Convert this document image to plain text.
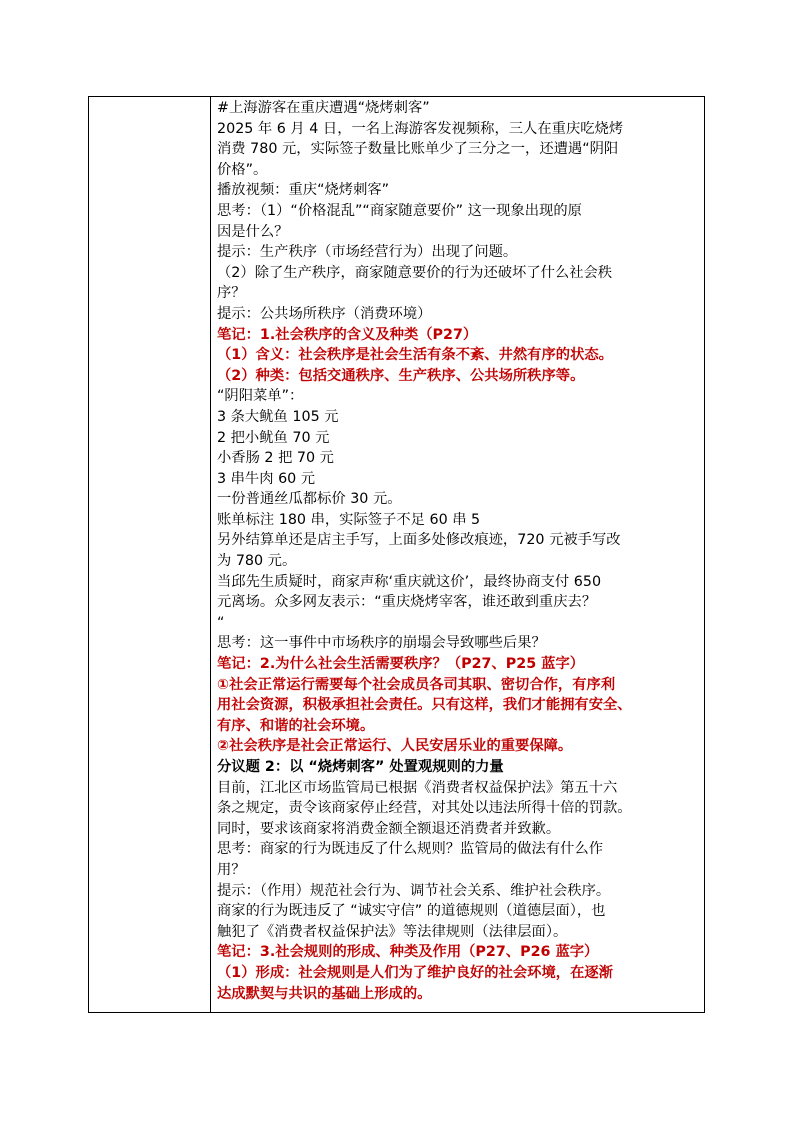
#上海游客在重庆遭遇“烧烤刺客”
2025 年 6 月 4 日，一名上海游客发视频称，三人在重庆吃烧烤
消费 780 元，实际签子数量比账单少了三分之一，还遭遇“阴阳
价格”。
播放视频：重庆“烧烤刺客”
思考：（1）“价格混乱”“商家随意要价” 这一现象出现的原
因是什么？
提示：生产秩序（市场经营行为）出现了问题。
（2）除了生产秩序，商家随意要价的行为还破坏了什么社会秩
序？
提示：公共场所秩序（消费环境）
笔记：1.社会秩序的含义及种类（P27）
（1）含义：社会秩序是社会生活有条不紊、井然有序的状态。
（2）种类：包括交通秩序、生产秩序、公共场所秩序等。
“阴阳菜单”：
3 条大鱿鱼 105 元
2 把小鱿鱼 70 元
小香肠 2 把 70 元
3 串牛肉 60 元
一份普通丝瓜都标价 30 元。
账单标注 180 串，实际签子不足 60 串 5
另外结算单还是店主手写，上面多处修改痕迹，720 元被手写改
为 780 元。
当邱先生质疑时，商家声称‘重庆就这价’，最终协商支付 650
元离场。众多网友表示：“重庆烧烤宰客，谁还敢到重庆去？
“
思考：这一事件中市场秩序的崩塌会导致哪些后果？
笔记：2.为什么社会生活需要秩序？（P27、P25 蓝字）
①社会正常运行需要每个社会成员各司其职、密切合作，有序利
用社会资源，积极承担社会责任。只有这样，我们才能拥有安全、
有序、和谐的社会环境。
②社会秩序是社会正常运行、人民安居乐业的重要保障。
分议题 2：以 “烧烤刺客” 处置观规则的力量
目前，江北区市场监管局已根据《消费者权益保护法》第五十六
条之规定，责令该商家停止经营，对其处以违法所得十倍的罚款。
同时，要求该商家将消费金额全额退还消费者并致歉。
思考：商家的行为既违反了什么规则？监管局的做法有什么作
用？
提示：（作用）规范社会行为、调节社会关系、维护社会秩序。
商家的行为既违反了 “诚实守信” 的道德规则（道德层面），也
触犯了《消费者权益保护法》等法律规则（法律层面）。
笔记：3.社会规则的形成、种类及作用（P27、P26 蓝字）
（1）形成：社会规则是人们为了维护良好的社会环境，在逐渐
达成默契与共识的基础上形成的。
